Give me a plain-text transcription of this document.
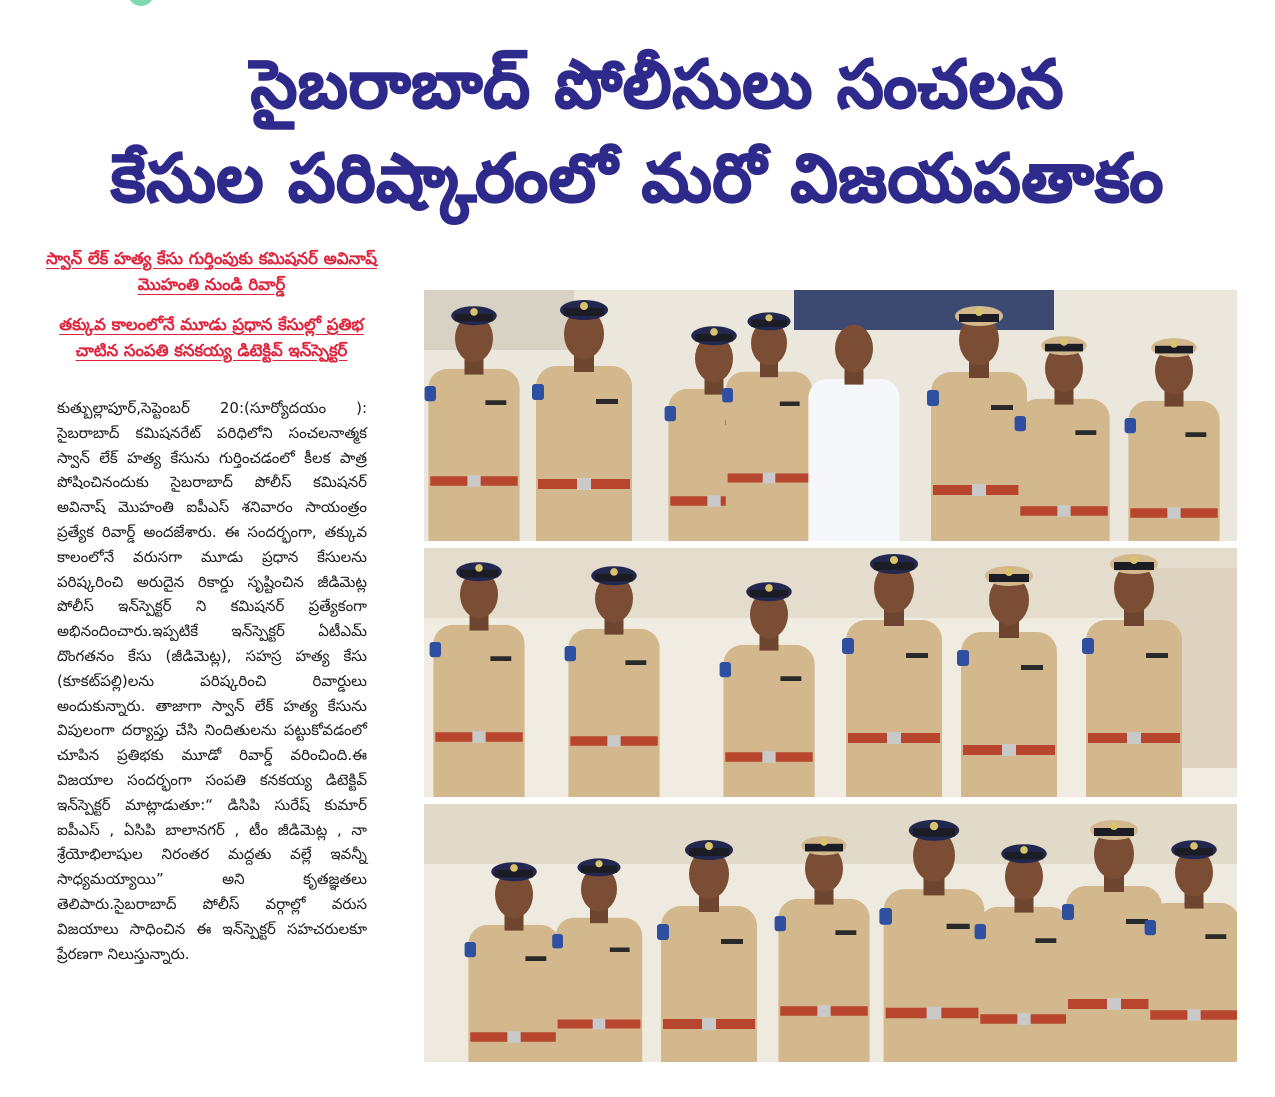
సైబరాబాద్ పోలీసులు సంచలన
కేసుల పరిష్కారంలో మరో విజయపతాకం
స్వాన్ లేక్ హత్య కేసు గుర్తింపుకు కమిషనర్ అవినాష్ మొహంతి నుండి రివార్డ్
తక్కువ కాలంలోనే మూడు ప్రధాన కేసుల్లో ప్రతిభ చాటిన సంపతి కనకయ్య డిటెక్టివ్ ఇన్‌స్పెక్టర్
కుత్బుల్లాపూర్,సెప్టెంబర్ 20:(సూర్యోదయం ): సైబరాబాద్ కమిషనరేట్ పరిధిలోని సంచలనాత్మక స్వాన్ లేక్ హత్య కేసును గుర్తించడంలో కీలక పాత్ర పోషించినందుకు సైబరాబాద్ పోలీస్ కమిషనర్ అవినాష్ మొహంతి ఐపీఎస్ శనివారం సాయంత్రం ప్రత్యేక రివార్డ్ అందజేశారు. ఈ సందర్భంగా, తక్కువ కాలంలోనే వరుసగా మూడు ప్రధాన కేసులను పరిష్కరించి అరుదైన రికార్డు సృష్టించిన జీడిమెట్ల పోలీస్ ఇన్‌స్పెక్టర్ ని కమిషనర్ ప్రత్యేకంగా అభినందించారు.ఇప్పటికే ఇన్‌స్పెక్టర్ ఏటీఎమ్ దొంగతనం కేసు (జీడిమెట్ల), సహస్ర హత్య కేసు (కూకట్‌పల్లి)లను పరిష్కరించి రివార్డులు అందుకున్నారు. తాజాగా స్వాన్ లేక్ హత్య కేసును విపులంగా దర్యాప్తు చేసి నిందితులను పట్టుకోవడంలో చూపిన ప్రతిభకు మూడో రివార్డ్ వరించింది.ఈ విజయాల సందర్భంగా సంపతి కనకయ్య డిటెక్టివ్ ఇన్‌స్పెక్టర్ మాట్లాడుతూ:“ డిసిపి సురేష్ కుమార్ ఐపీఎస్ , ఏసిపి బాలానగర్ , టీం జీడిమెట్ల , నా శ్రేయోభిలాషుల నిరంతర మద్దతు వల్లే ఇవన్నీ సాధ్యమయ్యాయి” అని కృతజ్ఞతలు తెలిపారు.సైబరాబాద్ పోలీస్ వర్గాల్లో వరుస విజయాలు సాధించిన ఈ ఇన్‌స్పెక్టర్ సహచరులకూ ప్రేరణగా నిలుస్తున్నారు.
